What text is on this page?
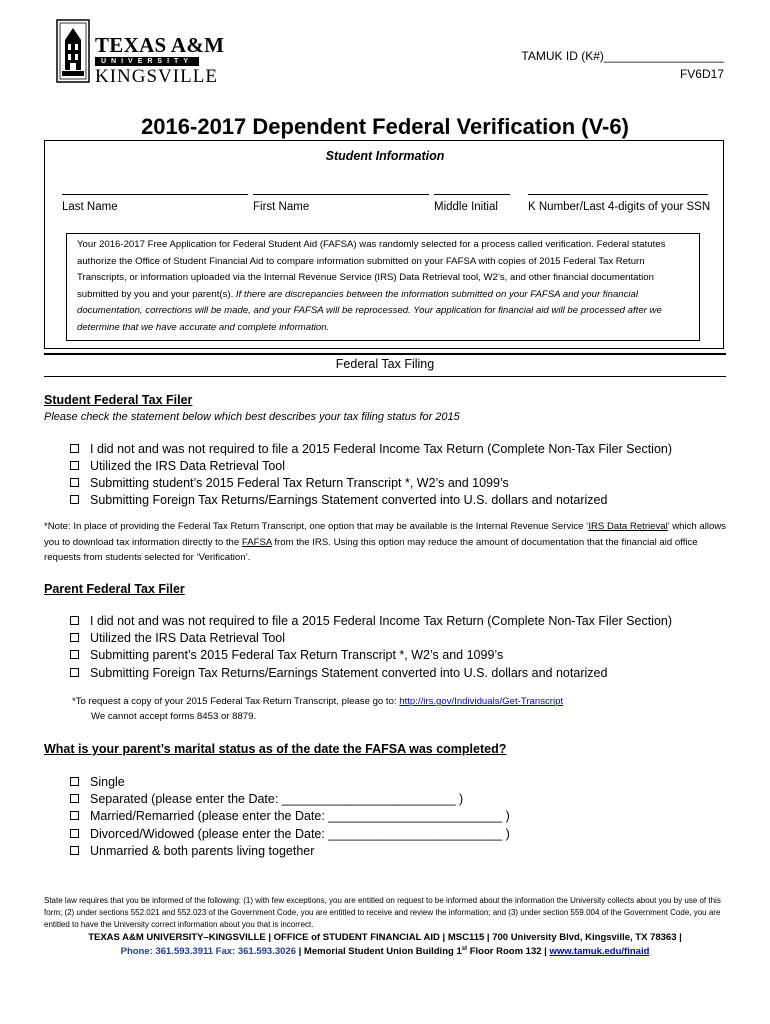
TEXAS A&M
UNIVERSITY
KINGSVILLE
TAMUK ID (K#)__________________
FV6D17
2016-2017 Dependent Federal Verification (V-6)
Student Information
Last Name	First Name	Middle Initial	K Number/Last 4-digits of your SSN
Your 2016-2017 Free Application for Federal Student Aid (FAFSA) was randomly selected for a process called verification. Federal statutes authorize the Office of Student Financial Aid to compare information submitted on your FAFSA with copies of 2015 Federal Tax Return Transcripts, or information uploaded via the Internal Revenue Service (IRS) Data Retrieval tool, W2’s, and other financial documentation submitted by you and your parent(s). If there are discrepancies between the information submitted on your FAFSA and your financial documentation, corrections will be made, and your FAFSA will be reprocessed. Your application for financial aid will be processed after we determine that we have accurate and complete information.
Federal Tax Filing
Student Federal Tax Filer
Please check the statement below which best describes your tax filing status for 2015
I did not and was not required to file a 2015 Federal Income Tax Return (Complete Non-Tax Filer Section)
Utilized the IRS Data Retrieval Tool
Submitting student’s 2015 Federal Tax Return Transcript *, W2’s and 1099’s
Submitting Foreign Tax Returns/Earnings Statement converted into U.S. dollars and notarized
*Note: In place of providing the Federal Tax Return Transcript, one option that may be available is the Internal Revenue Service ‘IRS Data Retrieval’ which allows you to download tax information directly to the FAFSA from the IRS. Using this option may reduce the amount of documentation that the financial aid office requests from students selected for ‘Verification’.
Parent Federal Tax Filer
I did not and was not required to file a 2015 Federal Income Tax Return (Complete Non-Tax Filer Section)
Utilized the IRS Data Retrieval Tool
Submitting parent’s 2015 Federal Tax Return Transcript *, W2’s and 1099’s
Submitting Foreign Tax Returns/Earnings Statement converted into U.S. dollars and notarized
*To request a copy of your 2015 Federal Tax Return Transcript, please go to: http://irs.gov/Individuals/Get-Transcript
We cannot accept forms 8453 or 8879.
What is your parent’s marital status as of the date the FAFSA was completed?
Single
Separated (please enter the Date: _________________________ )
Married/Remarried (please enter the Date: _________________________ )
Divorced/Widowed (please enter the Date: _________________________ )
Unmarried & both parents living together
State law requires that you be informed of the following: (1) with few exceptions, you are entitled on request to be informed about the information the University collects about you by use of this form; (2) under sections 552.021 and 552.023 of the Government Code, you are entitled to receive and review the information; and (3) under section 559.004 of the Government Code, you are entitled to have the University correct information about you that is incorrect.
TEXAS A&M UNIVERSITY–KINGSVILLE | OFFICE of STUDENT FINANCIAL AID | MSC115 | 700 University Blvd, Kingsville, TX 78363 |
Phone: 361.593.3911 Fax: 361.593.3026 | Memorial Student Union Building 1st Floor Room 132 | www.tamuk.edu/finaid
